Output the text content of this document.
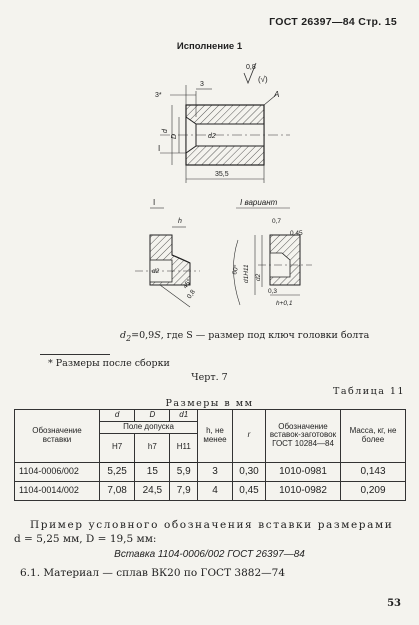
ГОСТ 26397—84 Стр. 15
Исполнение 1
0,8
(√)
3*
3
A
d
D	d2
I
35,5
I
h
d2
45°
0,8
I вариант
0,7
0,45
60° d1H11 d2
0,3
h+0,1
$d_2=0,9S$, где S — размер под ключ головки болта
* Размеры после сборки
Черт. 7
Таблица 11
Размеры в мм
Обозначение вставки	d	D	d1	h, не менее	r	Обозначение вставок-заготовок ГОСТ 10284—84	Масса, кг, не более
	Поле допуска						
	H7	h7	H11				
1104-0006/002	5,25	15	5,9	3	0,30	1010-0981	0,143
1104-0014/002	7,08	24,5	7,9	4	0,45	1010-0982	0,209
Пример условного обозначения вставки размерами
d = 5,25 мм, D = 19,5 мм:
Вставка 1104-0006/002 ГОСТ 26397—84
6.1. Материал — сплав ВК20 по ГОСТ 3882—74
53
